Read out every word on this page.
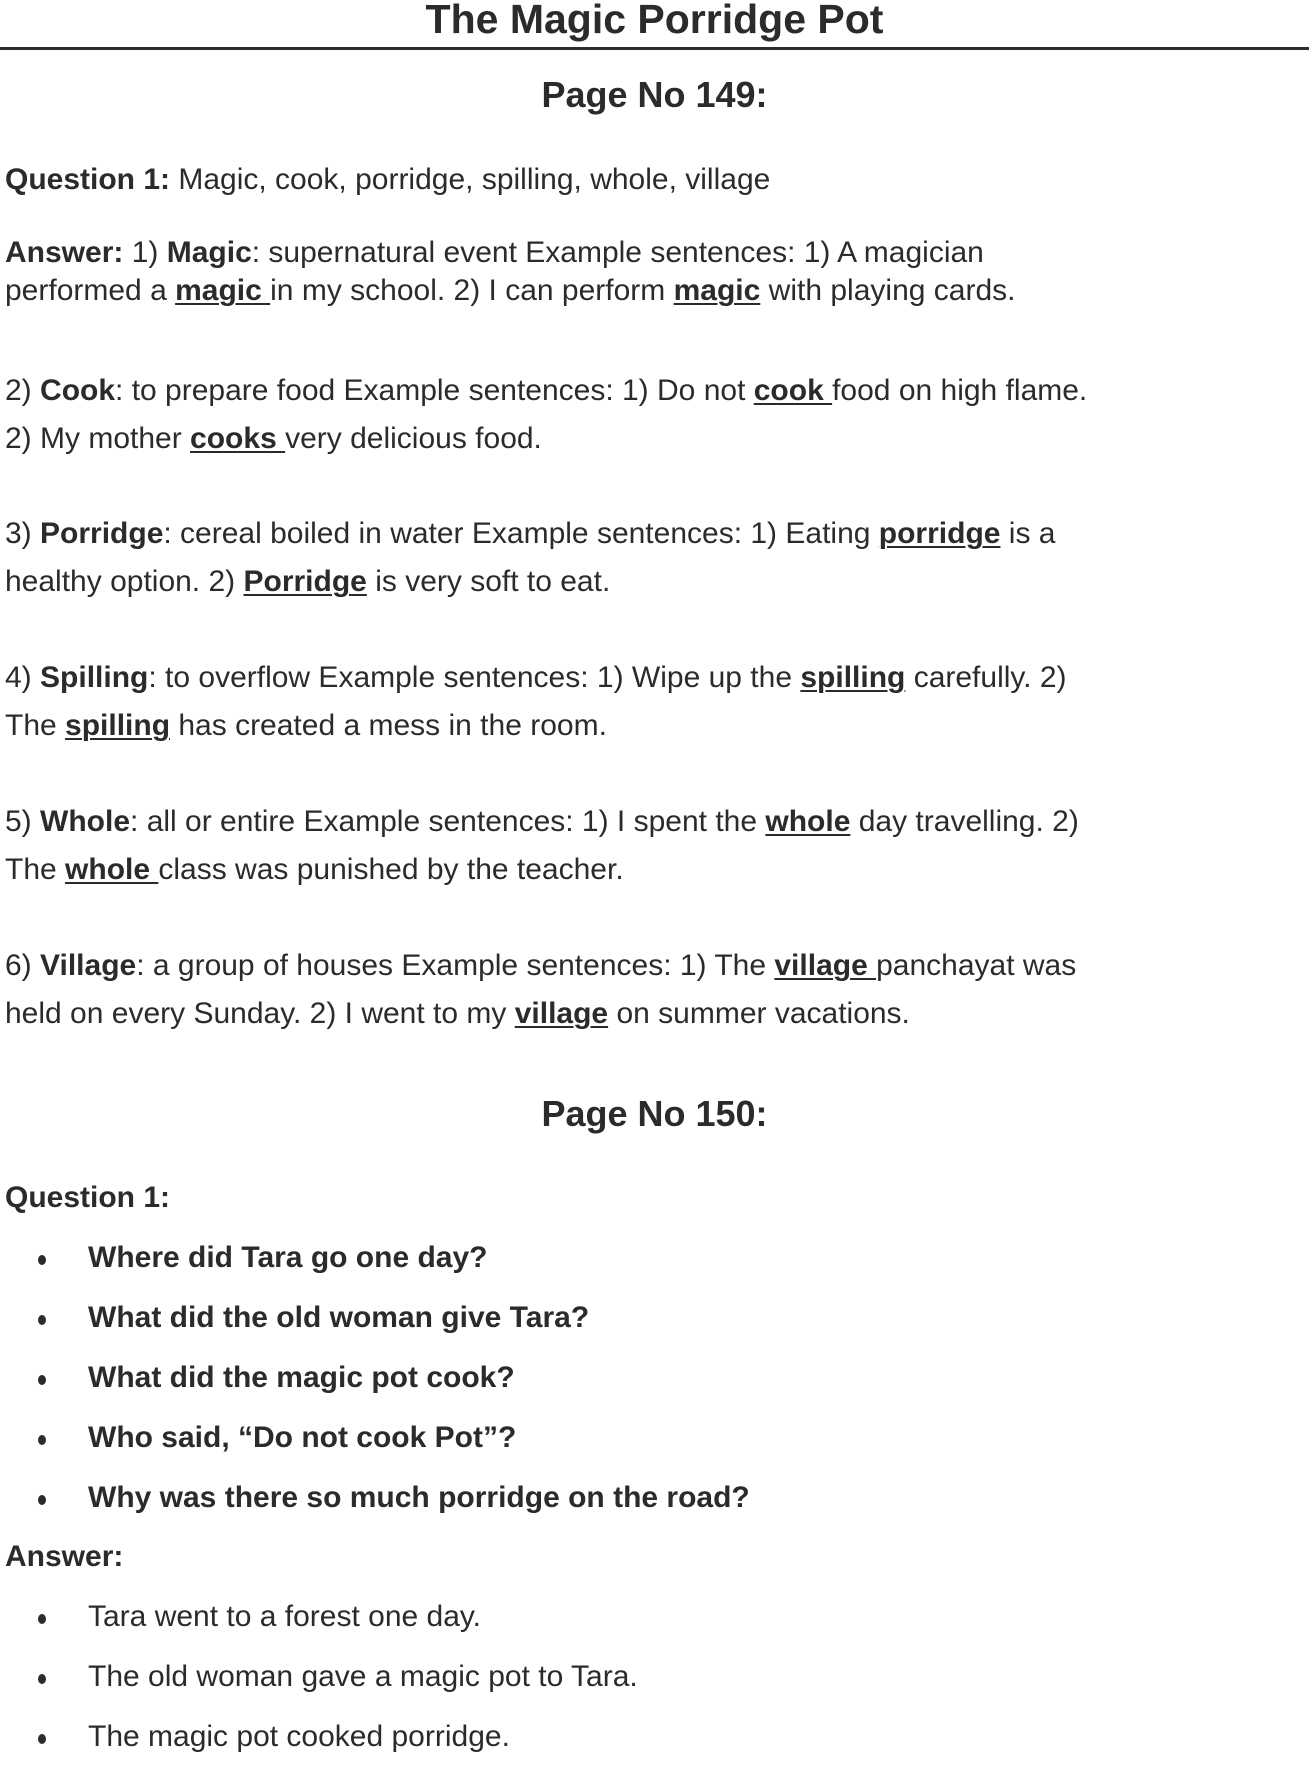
The Magic Porridge Pot
Page No 149:
Question 1: Magic, cook, porridge, spilling, whole, village
Answer: 1) Magic: supernatural event Example sentences: 1) A magician
performed a magic in my school. 2) I can perform magic with playing cards.
2) Cook: to prepare food Example sentences: 1) Do not cook food on high flame.
2) My mother cooks very delicious food.
3) Porridge: cereal boiled in water Example sentences: 1) Eating porridge is a
healthy option. 2) Porridge is very soft to eat.
4) Spilling: to overflow Example sentences: 1) Wipe up the spilling carefully. 2)
The spilling has created a mess in the room.
5) Whole: all or entire Example sentences: 1) I spent the whole day travelling. 2)
The whole class was punished by the teacher.
6) Village: a group of houses Example sentences: 1) The village panchayat was
held on every Sunday. 2) I went to my village on summer vacations.
Page No 150:
Question 1:
Where did Tara go one day?
What did the old woman give Tara?
What did the magic pot cook?
Who said, “Do not cook Pot”?
Why was there so much porridge on the road?
Answer:
Tara went to a forest one day.
The old woman gave a magic pot to Tara.
The magic pot cooked porridge.
